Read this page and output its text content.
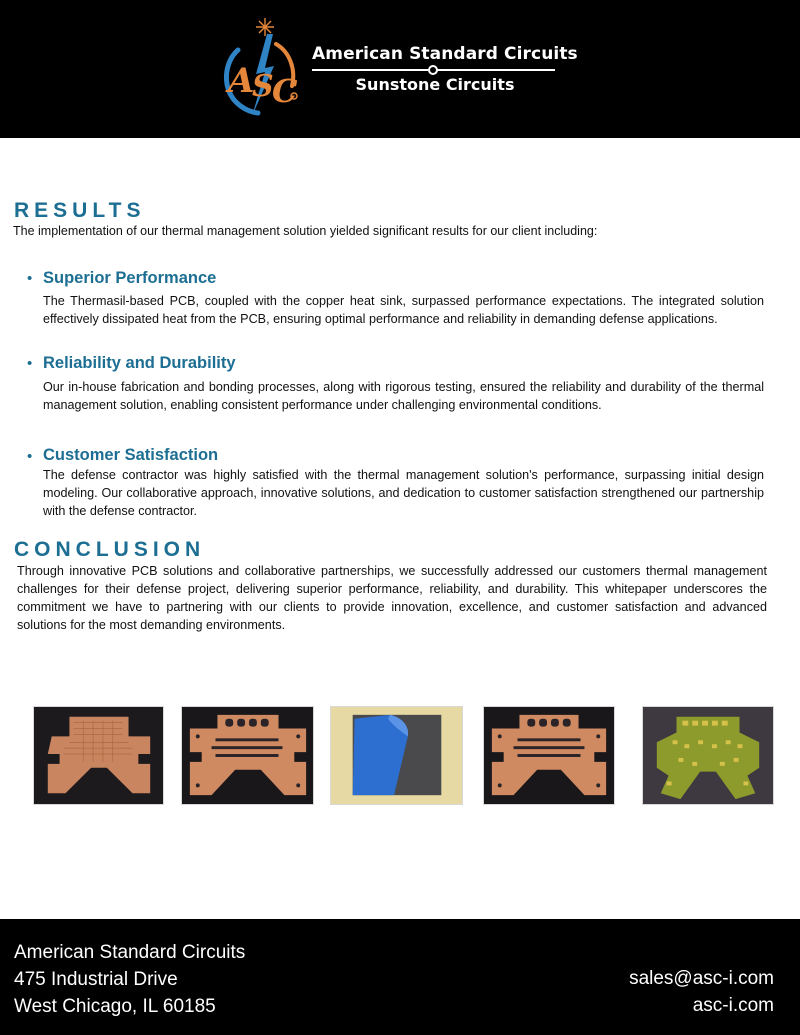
A
S
C
American Standard Circuits
Sunstone Circuits
RESULTS
The implementation of our thermal management solution yielded significant results for our client including:
• Superior Performance
The Thermasil-based PCB, coupled with the copper heat sink, surpassed performance expectations. The integrated solution effectively dissipated heat from the PCB, ensuring optimal performance and reliability in demanding defense applications.
• Reliability and Durability
Our in-house fabrication and bonding processes, along with rigorous testing, ensured the reliability and durability of the thermal management solution, enabling consistent performance under challenging environmental conditions.
• Customer Satisfaction
The defense contractor was highly satisfied with the thermal management solution's performance, surpassing initial design modeling. Our collaborative approach, innovative solutions, and dedication to customer satisfaction strengthened our partnership with the defense contractor.
CONCLUSION
Through innovative PCB solutions and collaborative partnerships, we successfully addressed our customers thermal management challenges for their defense project, delivering superior performance, reliability, and durability. This whitepaper underscores the commitment we have to partnering with our clients to provide innovation, excellence, and customer satisfaction and advanced solutions for the most demanding environments.
American Standard Circuits
475 Industrial Drive
West Chicago, IL 60185
sales@asc-i.com
asc-i.com
